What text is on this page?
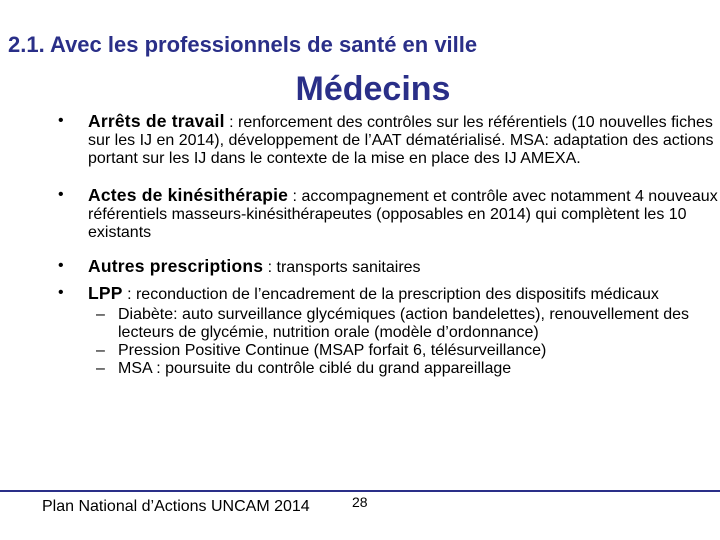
2.1. Avec les professionnels de santé en ville
Médecins
• Arrêts de travail : renforcement des contrôles sur les référentiels (10 nouvelles fiches sur les IJ en 2014), développement de l’AAT dématérialisé. MSA: adaptation des actions portant sur les IJ dans le contexte de la mise en place des IJ AMEXA.
• Actes de kinésithérapie : accompagnement et contrôle avec notamment 4 nouveaux référentiels masseurs-kinésithérapeutes (opposables en 2014) qui complètent les 10 existants
• Autres prescriptions : transports sanitaires
• LPP : reconduction de l’encadrement de la prescription des dispositifs médicaux
– Diabète: auto surveillance glycémiques (action bandelettes), renouvellement des lecteurs de glycémie, nutrition orale (modèle d’ordonnance)
– Pression Positive Continue (MSAP forfait 6, télésurveillance)
– MSA : poursuite du contrôle ciblé du grand appareillage
Plan National d’Actions UNCAM 2014	28
